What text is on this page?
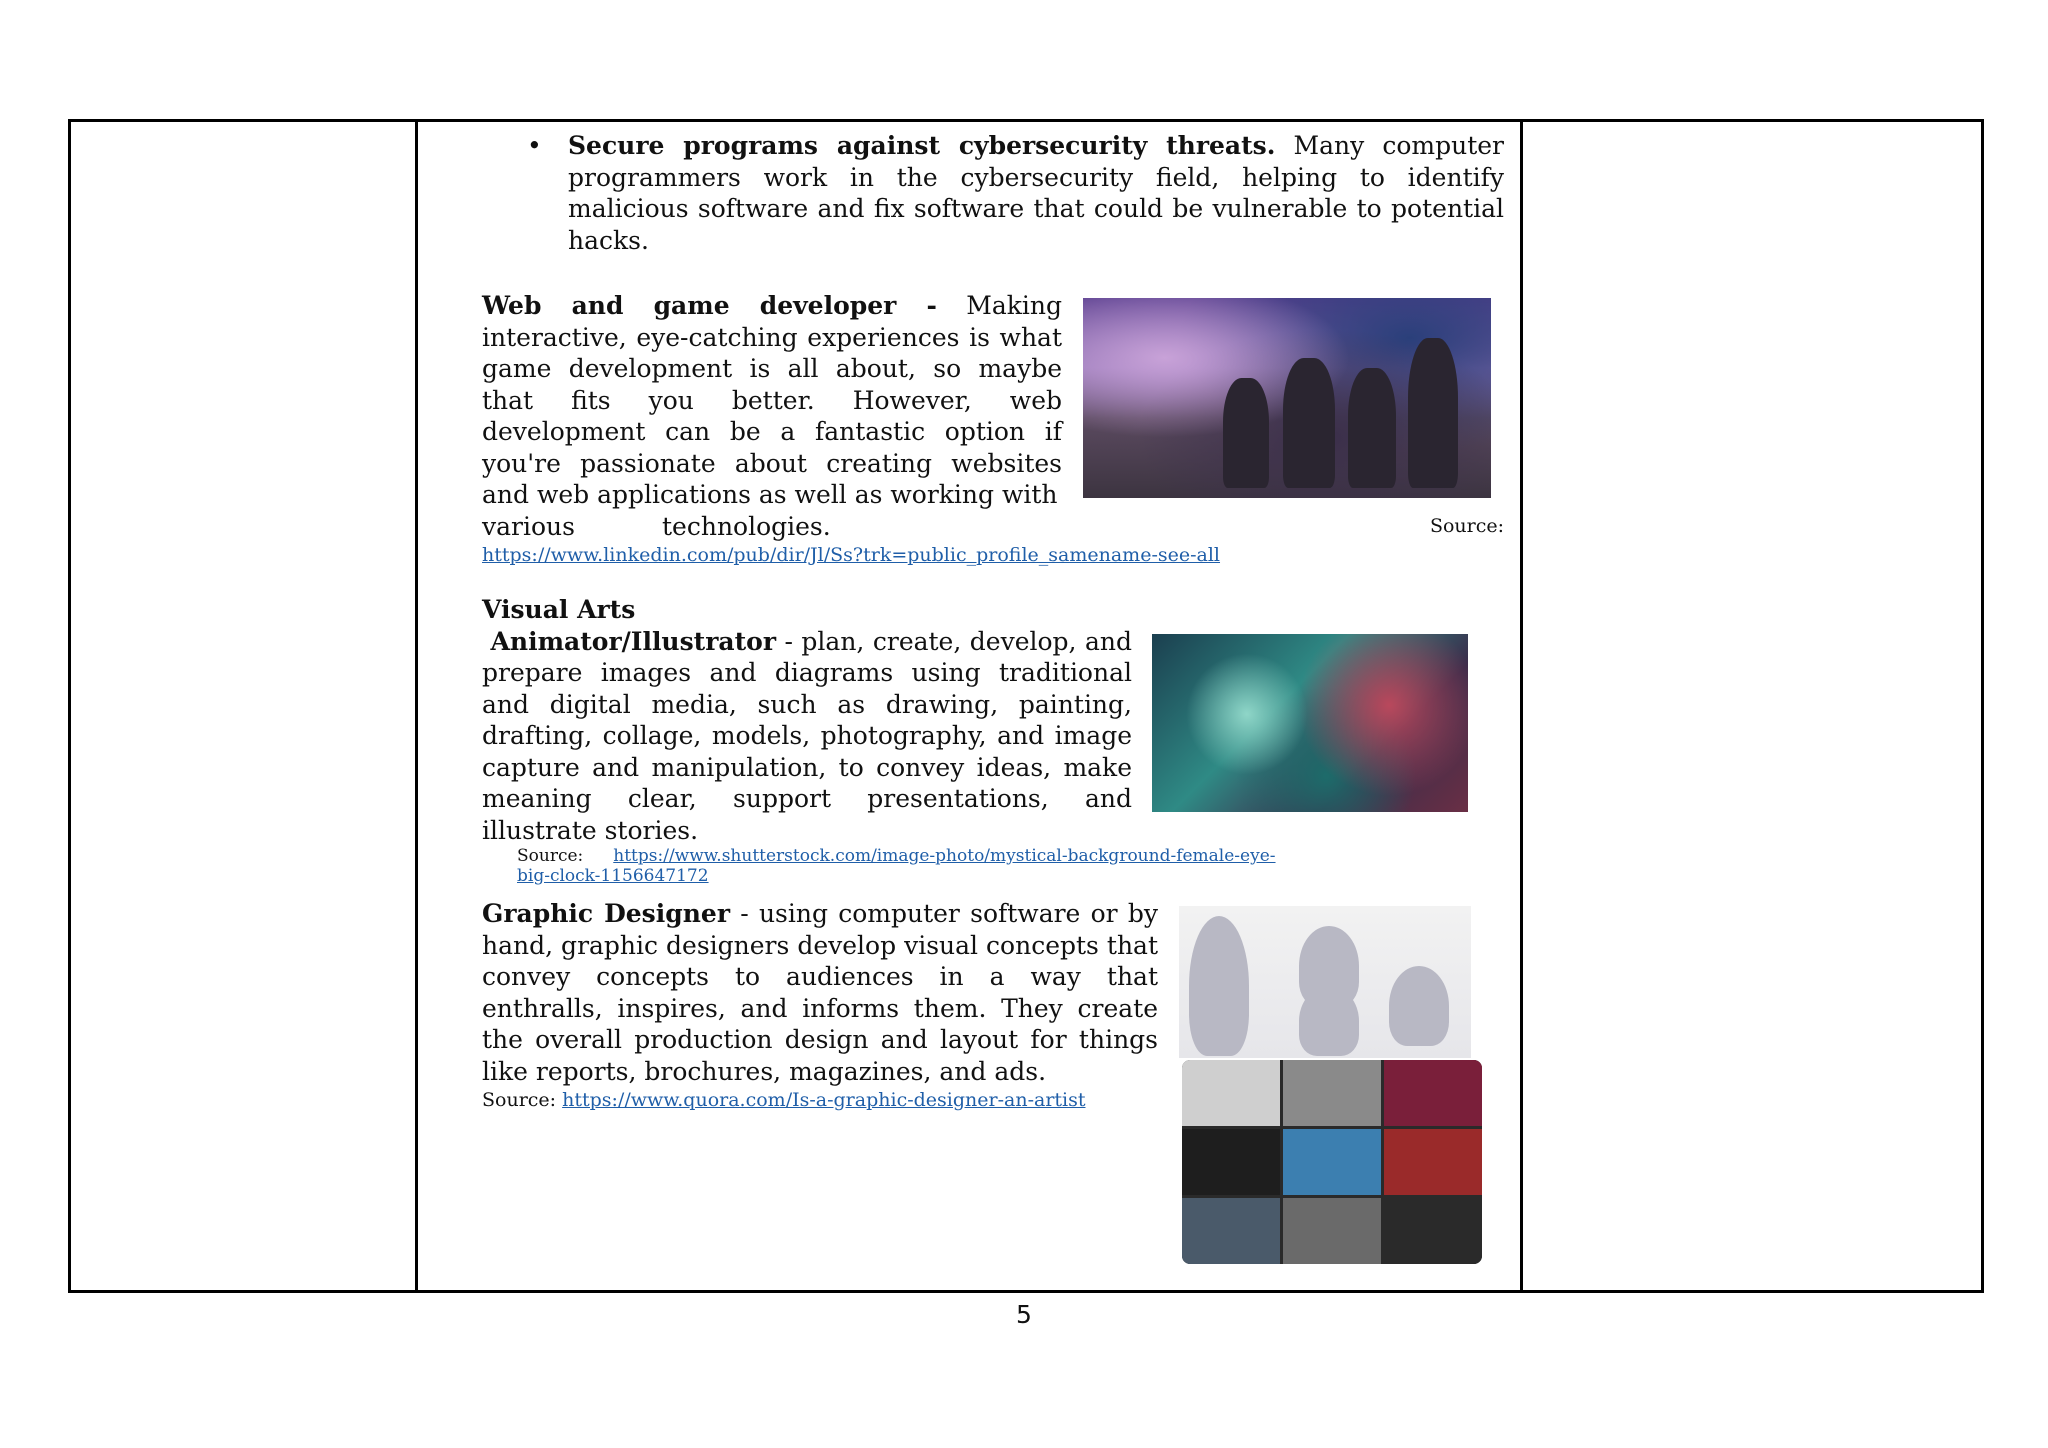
• Secure programs against cybersecurity threats. Many computer programmers work in the cybersecurity field, helping to identify malicious software and fix software that could be vulnerable to potential hacks.
Web and game developer - Making interactive, eye-catching experiences is what game development is all about, so maybe that fits you better. However, web development can be a fantastic option if you're passionate about creating websites and web applications as well as working with
various	technologies.	Source:
https://www.linkedin.com/pub/dir/Jl/Ss?trk=public_profile_samename-see-all
Visual Arts
Animator/Illustrator - plan, create, develop, and prepare images and diagrams using traditional and digital media, such as drawing, painting, drafting, collage, models, photography, and image capture and manipulation, to convey ideas, make meaning clear, support presentations, and illustrate stories.
Source: https://www.shutterstock.com/image-photo/mystical-background-female-eye-big-clock-1156647172
Graphic Designer - using computer software or by hand, graphic designers develop visual concepts that convey concepts to audiences in a way that enthralls, inspires, and informs them. They create the overall production design and layout for things like reports, brochures, magazines, and ads.
Source: https://www.quora.com/Is-a-graphic-designer-an-artist
5
